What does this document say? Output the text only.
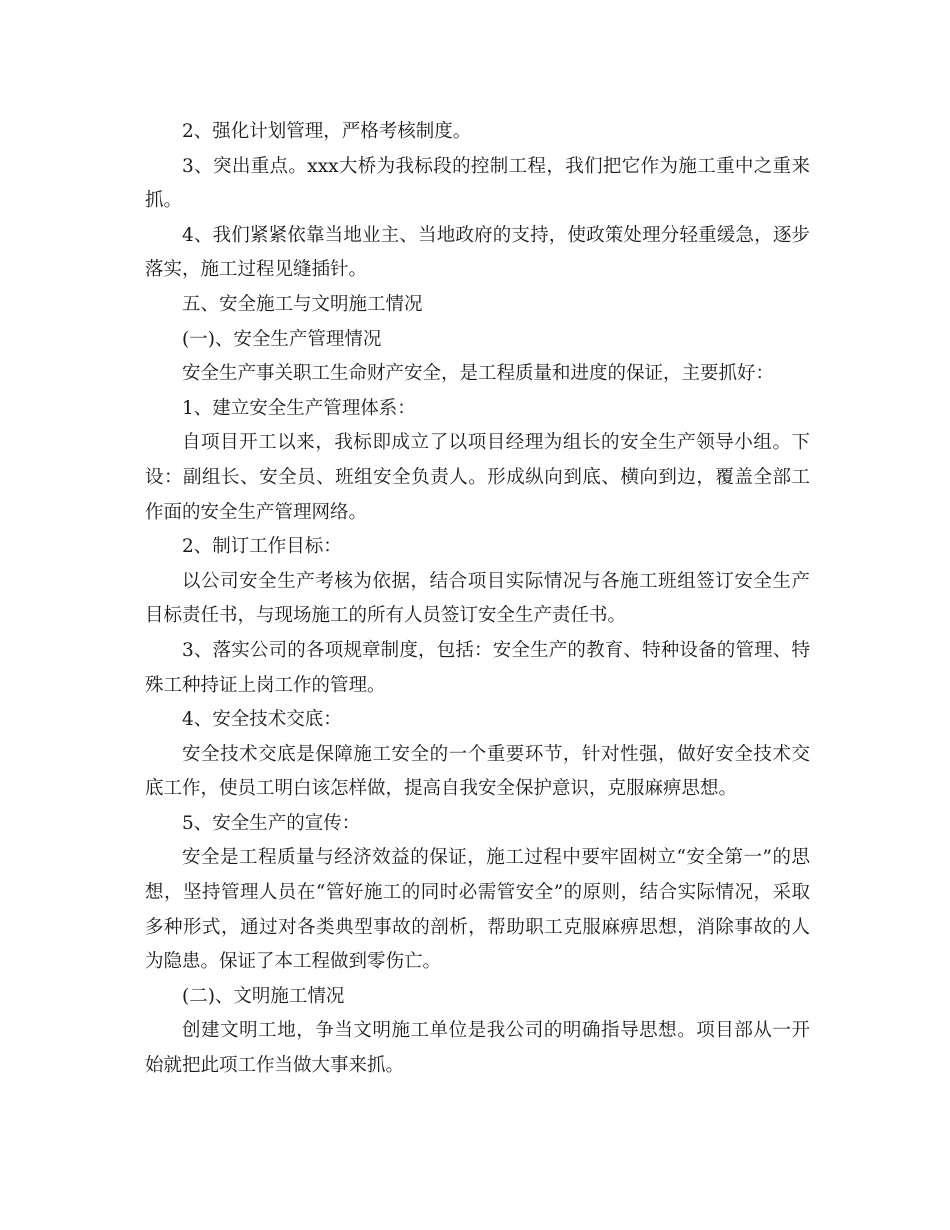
2、强化计划管理，严格考核制度。

3、突出重点。xxx大桥为我标段的控制工程，我们把它作为施工重中之重来抓。

4、我们紧紧依靠当地业主、当地政府的支持，使政策处理分轻重缓急，逐步落实，施工过程见缝插针。

五、安全施工与文明施工情况

(一)、安全生产管理情况

安全生产事关职工生命财产安全，是工程质量和进度的保证，主要抓好：

1、建立安全生产管理体系：

自项目开工以来，我标即成立了以项目经理为组长的安全生产领导小组。下设：副组长、安全员、班组安全负责人。形成纵向到底、横向到边，覆盖全部工作面的安全生产管理网络。

2、制订工作目标：

以公司安全生产考核为依据，结合项目实际情况与各施工班组签订安全生产目标责任书，与现场施工的所有人员签订安全生产责任书。

3、落实公司的各项规章制度，包括：安全生产的教育、特种设备的管理、特殊工种持证上岗工作的管理。

4、安全技术交底：

安全技术交底是保障施工安全的一个重要环节，针对性强，做好安全技术交底工作，使员工明白该怎样做，提高自我安全保护意识，克服麻痹思想。

5、安全生产的宣传：

安全是工程质量与经济效益的保证，施工过程中要牢固树立“安全第一”的思想，坚持管理人员在“管好施工的同时必需管安全”的原则，结合实际情况，采取多种形式，通过对各类典型事故的剖析，帮助职工克服麻痹思想，消除事故的人为隐患。保证了本工程做到零伤亡。

(二)、文明施工情况

创建文明工地，争当文明施工单位是我公司的明确指导思想。项目部从一开始就把此项工作当做大事来抓。
